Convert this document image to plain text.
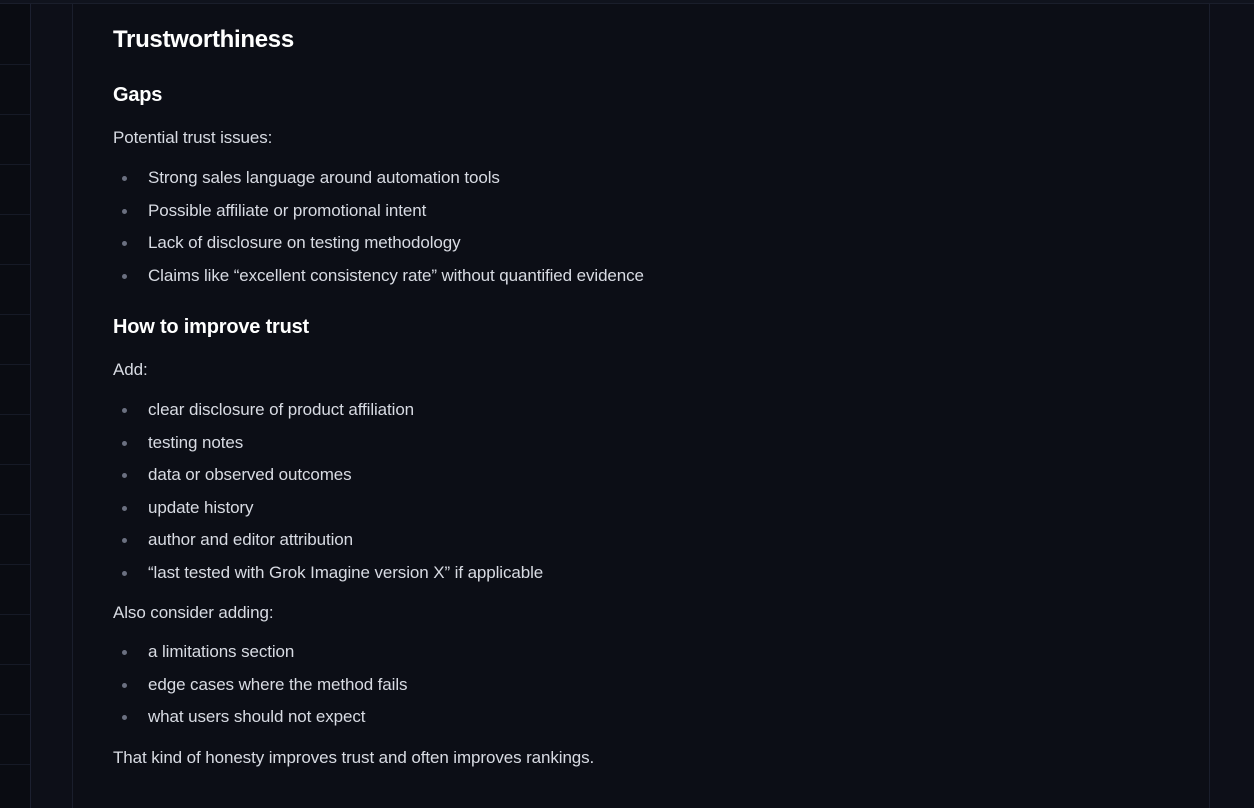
Trustworthiness
Gaps

Potential trust issues:

Strong sales language around automation tools
Possible affiliate or promotional intent
Lack of disclosure on testing methodology
Claims like “excellent consistency rate” without quantified evidence
How to improve trust

Add:

clear disclosure of product affiliation
testing notes
data or observed outcomes
update history
author and editor attribution
“last tested with Grok Imagine version X” if applicable

Also consider adding:

a limitations section
edge cases where the method fails
what users should not expect

That kind of honesty improves trust and often improves rankings.
